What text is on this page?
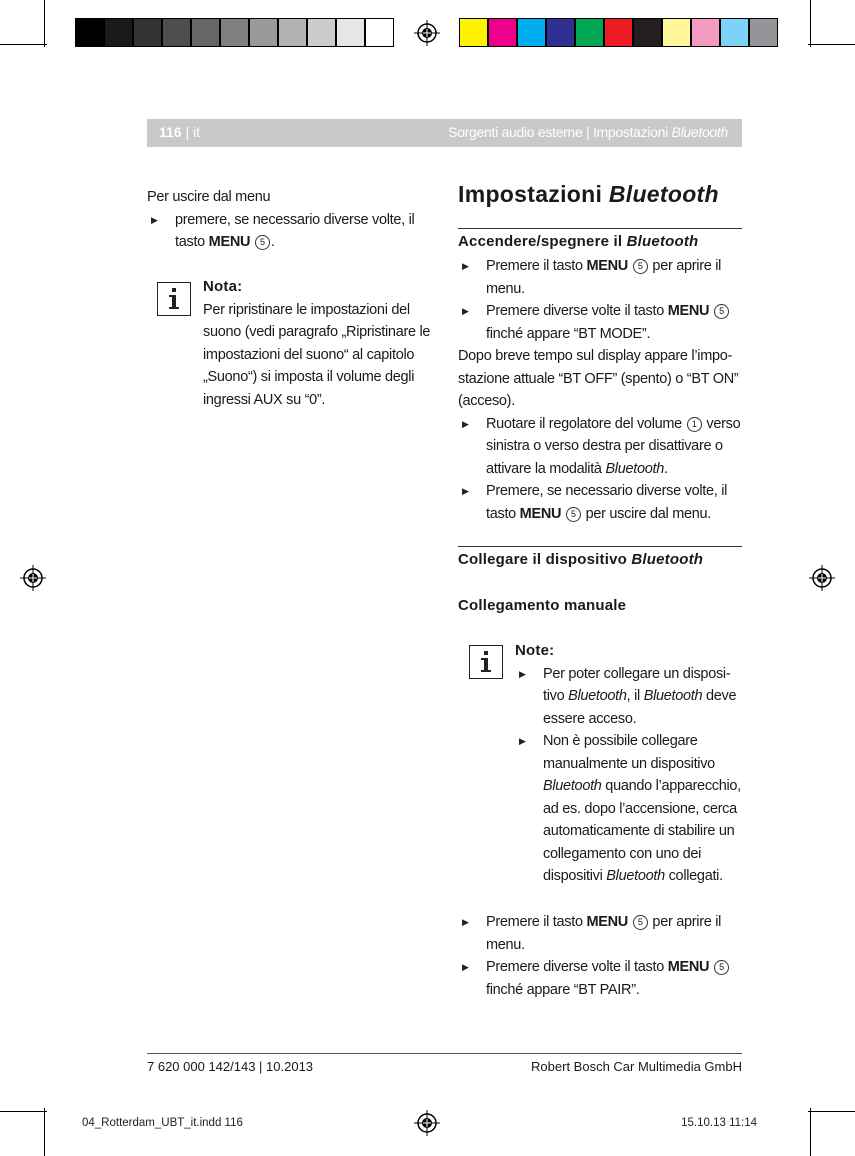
116 | it	Sorgenti audio esterne | Impostazioni Bluetooth
Per uscire dal menu
▶ premere, se necessario diverse volte, il tasto MENU 5 .
Nota:
Per ripristinare le impostazioni del
suono (vedi paragrafo „Ripristinare le
impostazioni del suono“ al capitolo
„Suono“) si imposta il volume degli
ingressi AUX su “0”.
Impostazioni Bluetooth
Accendere/spegnere il Bluetooth
▶ Premere il tasto MENU 5 per aprire il
menu.
▶ Premere diverse volte il tasto MENU 5
finché appare “BT MODE”.
Dopo breve tempo sul display appare l’impo-
stazione attuale “BT OFF” (spento) o “BT ON”
(acceso).
▶ Ruotare il regolatore del volume 1 verso
sinistra o verso destra per disattivare o
attivare la modalità Bluetooth.
▶ Premere, se necessario diverse volte, il
tasto MENU 5 per uscire dal menu.
Collegare il dispositivo Bluetooth
Collegamento manuale
Note:
▶ Per poter collegare un disposi-
tivo Bluetooth, il Bluetooth deve
essere acceso.
▶ Non è possibile collegare
manualmente un dispositivo
Bluetooth quando l’apparecchio,
ad es. dopo l’accensione, cerca
automaticamente di stabilire un
collegamento con uno dei
dispositivi Bluetooth collegati.
▶ Premere il tasto MENU 5 per aprire il
menu.
▶ Premere diverse volte il tasto MENU 5
finché appare “BT PAIR”.
7 620 000 142/143 | 10.2013	Robert Bosch Car Multimedia GmbH
04_Rotterdam_UBT_it.indd 116	15.10.13 11:14
